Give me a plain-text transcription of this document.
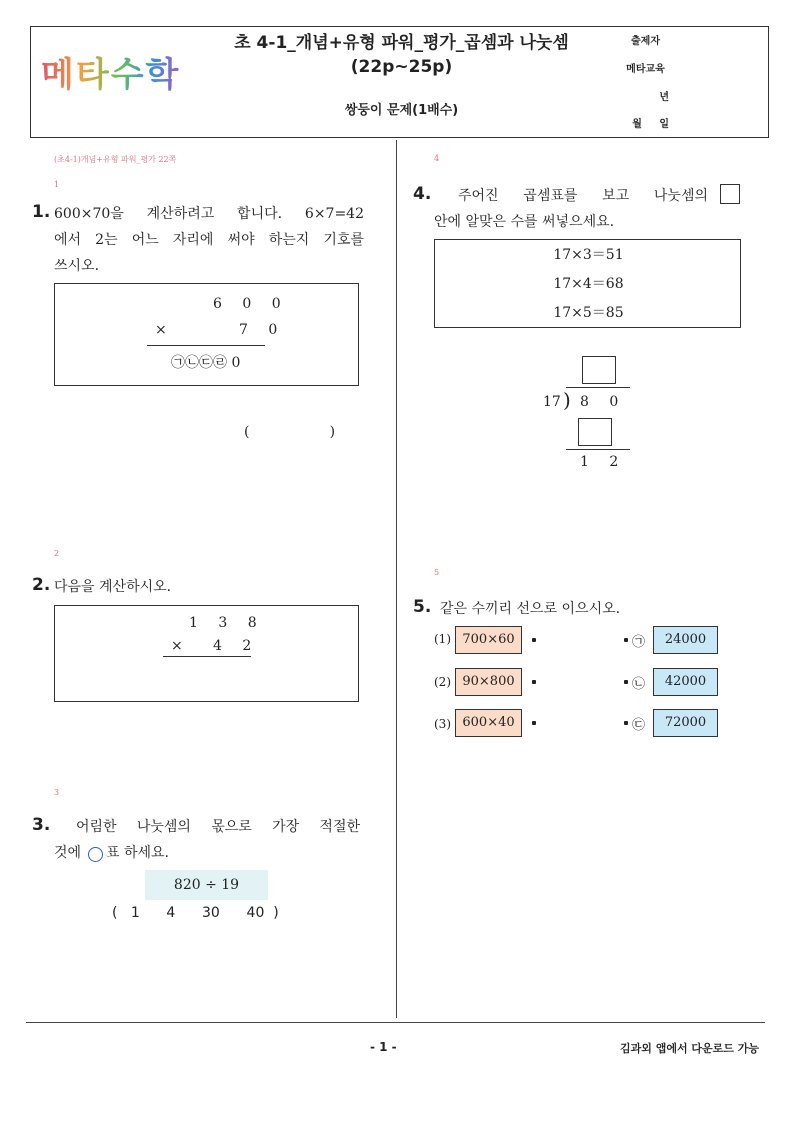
메타수학
초 4-1_개념+유형 파워_평가_곱셈과 나눗셈
(22p~25p)
쌍둥이 문제(1배수)
출제자
메타교육
년
월 일
(초4-1)개념+유형 파워_평가 22쪽
1
1. 600×70을 계산하려고 합니다. 6×7=42
에서 2는 어느 자리에 써야 하는지 기호를
쓰시오.
6 0 0
×	7 0
㉠㉡㉢㉣ 0
(                  )
2
2. 다음을 계산하시오.
1 3 8
× 4 2
3
3. 어림한 나눗셈의 몫으로 가장 적절한
것에 표 하세요.
820 ÷ 19
(   1      4      30      40  )
4
4. 주어진 곱셈표를 보고 나눗셈의
안에 알맞은 수를 써넣으세요.
17×3＝51
17×4＝68
17×5＝85
17 ) 8 0
1 2
5
5. 같은 수끼리 선으로 이으시오.
(1) 700×60	㉠	24000
(2) 90×800	㉡	42000
(3) 600×40	㉢	72000
- 1 -	김과외 앱에서 다운로드 가능
